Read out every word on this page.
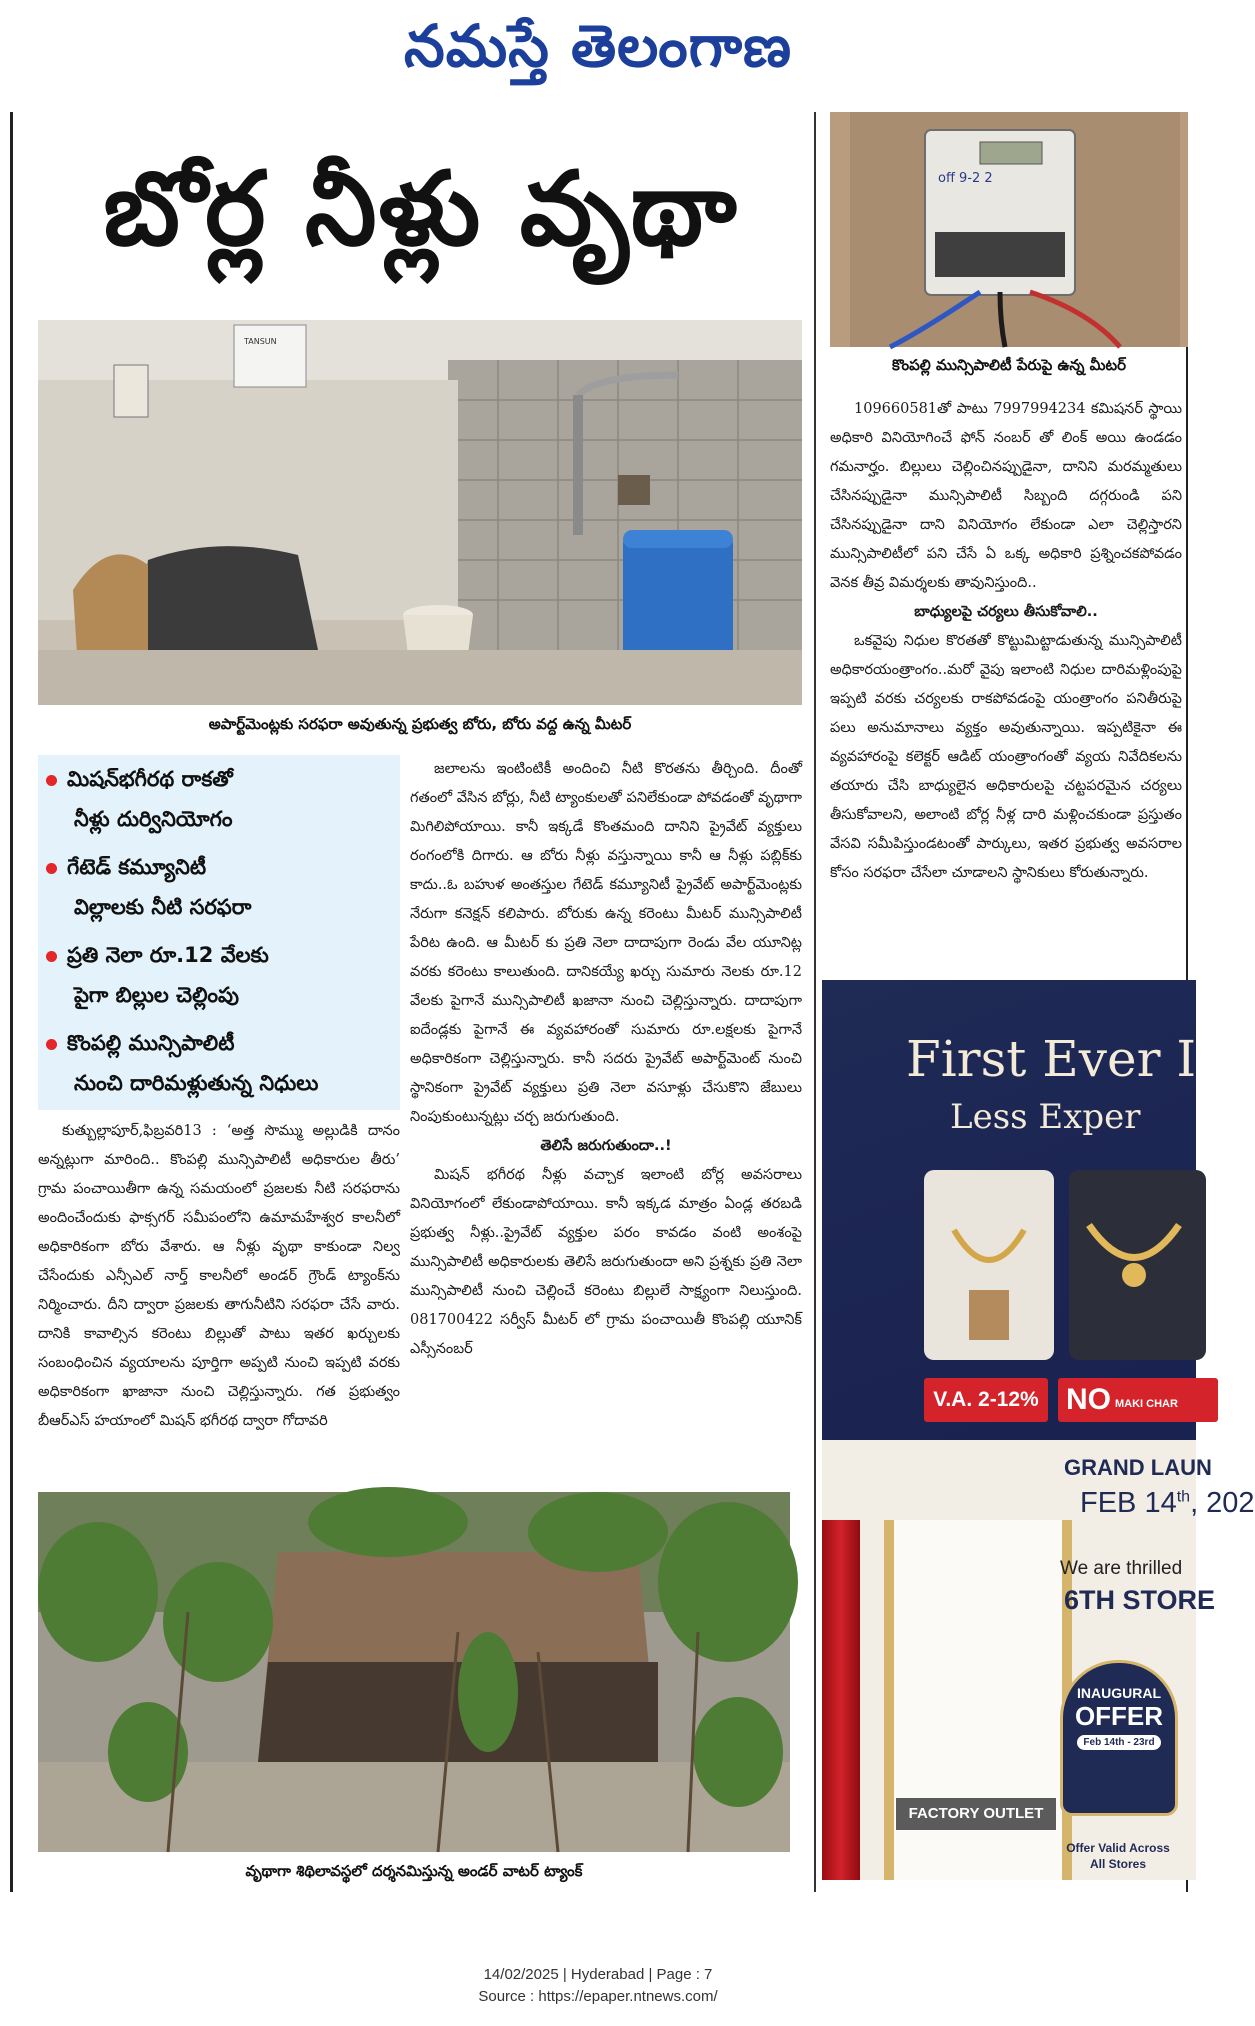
నమస్తే తెలంగాణ
బోర్ల నీళ్లు వృథా
TANSUN
అపార్ట్‌మెంట్లకు సరఫరా అవుతున్న ప్రభుత్వ బోరు, బోరు వద్ద ఉన్న మీటర్
off 9-2 2
కొంపల్లి మున్సిపాలిటీ పేరుపై ఉన్న మీటర్
మిషన్‌భగీరథ రాకతో
నీళ్లు దుర్వినియోగం
గేటెడ్ కమ్యూనిటీ
విల్లాలకు నీటి సరఫరా
ప్రతి నెలా రూ.12 వేలకు
పైగా బిల్లుల చెల్లింపు
కొంపల్లి మున్సిపాలిటీ
నుంచి దారిమళ్లుతున్న నిధులు

కుత్బుల్లాపూర్,ఫిబ్రవరి13 : ‘అత్త సొమ్ము అల్లుడికి దానం అన్నట్లుగా మారింది.. కొంపల్లి మున్సిపాలిటీ అధికారుల తీరు’ గ్రామ పంచాయితీగా ఉన్న సమయంలో ప్రజలకు నీటి సరఫరాను అందించేందుకు ఫాక్సగర్ సమీపంలోని ఉమామహేశ్వర కాలనీలో అధికారికంగా బోరు వేశారు. ఆ నీళ్లు వృథా కాకుండా నిల్వ చేసేందుకు ఎన్సీఎల్ నార్త్ కాలనీలో అండర్ గ్రౌండ్ ట్యాంక్‌ను నిర్మించారు. దీని ద్వారా ప్రజలకు తాగునీటిని సరఫరా చేసే వారు. దానికి కావాల్సిన కరెంటు బిల్లుతో పాటు ఇతర ఖర్చులకు సంబంధించిన వ్యయాలను పూర్తిగా అప్పటి నుంచి ఇప్పటి వరకు అధికారికంగా ఖాజానా నుంచి చెల్లిస్తున్నారు. గత ప్రభుత్వం బీఆర్‌ఎస్ హయాంలో మిషన్ భగీరథ ద్వారా గోదావరి

జలాలను ఇంటింటికీ అందించి నీటి కొరతను తీర్చింది. దీంతో గతంలో వేసిన బోర్లు, నీటి ట్యాంకులతో పనిలేకుండా పోవడంతో వృథాగా మిగిలిపోయాయి. కానీ ఇక్కడే కొంతమంది దానిని ప్రైవేట్ వ్యక్తులు రంగంలోకి దిగారు. ఆ బోరు నీళ్లు వస్తున్నాయి కానీ ఆ నీళ్లు పబ్లిక్‌కు కాదు..ఓ బహుళ అంతస్తుల గేటెడ్ కమ్యూనిటీ ప్రైవేట్ అపార్ట్‌మెంట్లకు నేరుగా కనెక్షన్ కలిపారు. బోరుకు ఉన్న కరెంటు మీటర్ మున్సిపాలిటీ పేరిట ఉంది. ఆ మీటర్ కు ప్రతి నెలా దాదాపుగా రెండు వేల యూనిట్ల వరకు కరెంటు కాలుతుంది. దానికయ్యే ఖర్చు సుమారు నెలకు రూ.12 వేలకు పైగానే మున్సిపాలిటీ ఖజానా నుంచి చెల్లిస్తున్నారు. దాదాపుగా ఐదేండ్లకు పైగానే ఈ వ్యవహారంతో సుమారు రూ.లక్షలకు పైగానే అధికారికంగా చెల్లిస్తున్నారు. కానీ సదరు ప్రైవేట్ అపార్ట్‌మెంట్ నుంచి స్థానికంగా ప్రైవేట్ వ్యక్తులు ప్రతి నెలా వసూళ్లు చేసుకొని జేబులు నింపుకుంటున్నట్లు చర్చ జరుగుతుంది.

తెలిసే జరుగుతుందా..!

మిషన్ భగీరథ నీళ్లు వచ్చాక ఇలాంటి బోర్ల అవసరాలు వినియోగంలో లేకుండాపోయాయి. కానీ ఇక్కడ మాత్రం ఏండ్ల తరబడి ప్రభుత్వ నీళ్లు..ప్రైవేట్ వ్యక్తుల పరం కావడం వంటి అంశంపై మున్సిపాలిటీ అధికారులకు తెలిసే జరుగుతుందా అని ప్రశ్నకు ప్రతి నెలా మున్సిపాలిటీ నుంచి చెల్లించే కరెంటు బిల్లులే సాక్ష్యంగా నిలుస్తుంది. 081700422 సర్వీస్ మీటర్ లో గ్రామ పంచాయితీ కొంపల్లి యూనిక్ ఎస్సీనంబర్

109660581తో పాటు 7997994234 కమిషనర్ స్థాయి అధికారి వినియోగించే ఫోన్ నంబర్ తో లింక్ అయి ఉండడం గమనార్హం. బిల్లులు చెల్లించినప్పుడైనా, దానిని మరమ్మతులు చేసినప్పుడైనా మున్సిపాలిటీ సిబ్బంది దగ్గరుండి పని చేసినప్పుడైనా దాని వినియోగం లేకుండా ఎలా చెల్లిస్తారని మున్సిపాలిటీలో పని చేసే ఏ ఒక్క అధికారి ప్రశ్నించకపోవడం వెనక తీవ్ర విమర్శలకు తావునిస్తుంది..

బాధ్యులపై చర్యలు తీసుకోవాలి..

ఒకవైపు నిధుల కొరతతో కొట్టుమిట్టాడుతున్న మున్సిపాలిటీ అధికారయంత్రాంగం..మరో వైపు ఇలాంటి నిధుల దారిమళ్లింపుపై ఇప్పటి వరకు చర్యలకు రాకపోవడంపై యంత్రాంగం పనితీరుపై పలు అనుమానాలు వ్యక్తం అవుతున్నాయి. ఇప్పటికైనా ఈ వ్యవహారంపై కలెక్టర్ ఆడిట్ యంత్రాంగంతో వ్యయ నివేదికలను తయారు చేసి బాధ్యులైన అధికారులపై చట్టపరమైన చర్యలు తీసుకోవాలని, అలాంటి బోర్ల నీళ్ల దారి మళ్లించకుండా ప్రస్తుతం వేసవి సమీపిస్తుండటంతో పార్కులు, ఇతర ప్రభుత్వ అవసరాల కోసం సరఫరా చేసేలా చూడాలని స్థానికులు కోరుతున్నారు.

వృథాగా శిథిలావస్థలో దర్శనమిస్తున్న అండర్ వాటర్ ట్యాంక్
First Ever I
Less Exper
V.A. 2-12% NO MAKI CHAR
FACTORY OUTLET
GRAND LAUN
FEB 14th, 202
We are thrilled
6TH STORE
INAUGURAL
OFFER
Feb 14th - 23rd
Offer Valid Across All Stores
14/02/2025 | Hyderabad | Page : 7
Source : https://epaper.ntnews.com/
